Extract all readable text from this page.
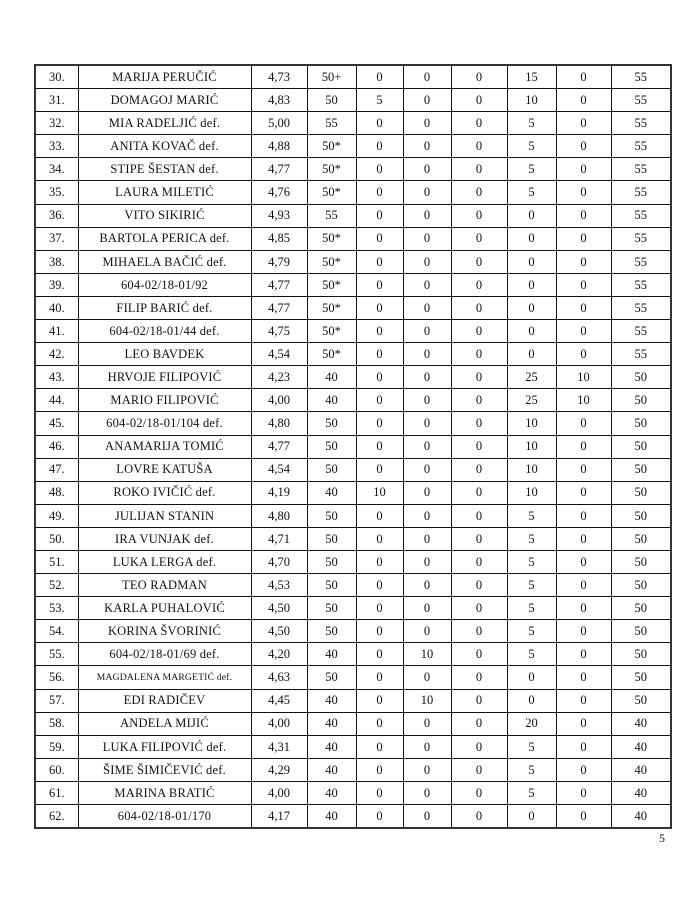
30.	MARIJA PERUČIĆ	4,73	50+	0	0	0	15	0	55
31.	DOMAGOJ MARIĆ	4,83	50	5	0	0	10	0	55
32.	MIA RADELJIĆ def.	5,00	55	0	0	0	5	0	55
33.	ANITA KOVAČ def.	4,88	50*	0	0	0	5	0	55
34.	STIPE ŠESTAN def.	4,77	50*	0	0	0	5	0	55
35.	LAURA MILETIĆ	4,76	50*	0	0	0	5	0	55
36.	VITO SIKIRIĆ	4,93	55	0	0	0	0	0	55
37.	BARTOLA PERICA def.	4,85	50*	0	0	0	0	0	55
38.	MIHAELA BAČIĆ def.	4,79	50*	0	0	0	0	0	55
39.	604-02/18-01/92	4,77	50*	0	0	0	0	0	55
40.	FILIP BARIĆ def.	4,77	50*	0	0	0	0	0	55
41.	604-02/18-01/44 def.	4,75	50*	0	0	0	0	0	55
42.	LEO BAVDEK	4,54	50*	0	0	0	0	0	55
43.	HRVOJE FILIPOVIĆ	4,23	40	0	0	0	25	10	50
44.	MARIO FILIPOVIĆ	4,00	40	0	0	0	25	10	50
45.	604-02/18-01/104 def.	4,80	50	0	0	0	10	0	50
46.	ANAMARIJA TOMIĆ	4,77	50	0	0	0	10	0	50
47.	LOVRE KATUŠA	4,54	50	0	0	0	10	0	50
48.	ROKO IVIČIĆ def.	4,19	40	10	0	0	10	0	50
49.	JULIJAN STANIN	4,80	50	0	0	0	5	0	50
50.	IRA VUNJAK def.	4,71	50	0	0	0	5	0	50
51.	LUKA LERGA def.	4,70	50	0	0	0	5	0	50
52.	TEO RADMAN	4,53	50	0	0	0	5	0	50
53.	KARLA PUHALOVIĆ	4,50	50	0	0	0	5	0	50
54.	KORINA ŠVORINIĆ	4,50	50	0	0	0	5	0	50
55.	604-02/18-01/69 def.	4,20	40	0	10	0	5	0	50
56.	MAGDALENA MARGETIĆ def.	4,63	50	0	0	0	0	0	50
57.	EDI RADIČEV	4,45	40	0	10	0	0	0	50
58.	ANDELA MIJIĆ	4,00	40	0	0	0	20	0	40
59.	LUKA FILIPOVIĆ def.	4,31	40	0	0	0	5	0	40
60.	ŠIME ŠIMIČEVIĆ def.	4,29	40	0	0	0	5	0	40
61.	MARINA BRATIĆ	4,00	40	0	0	0	5	0	40
62.	604-02/18-01/170	4,17	40	0	0	0	0	0	40
5
